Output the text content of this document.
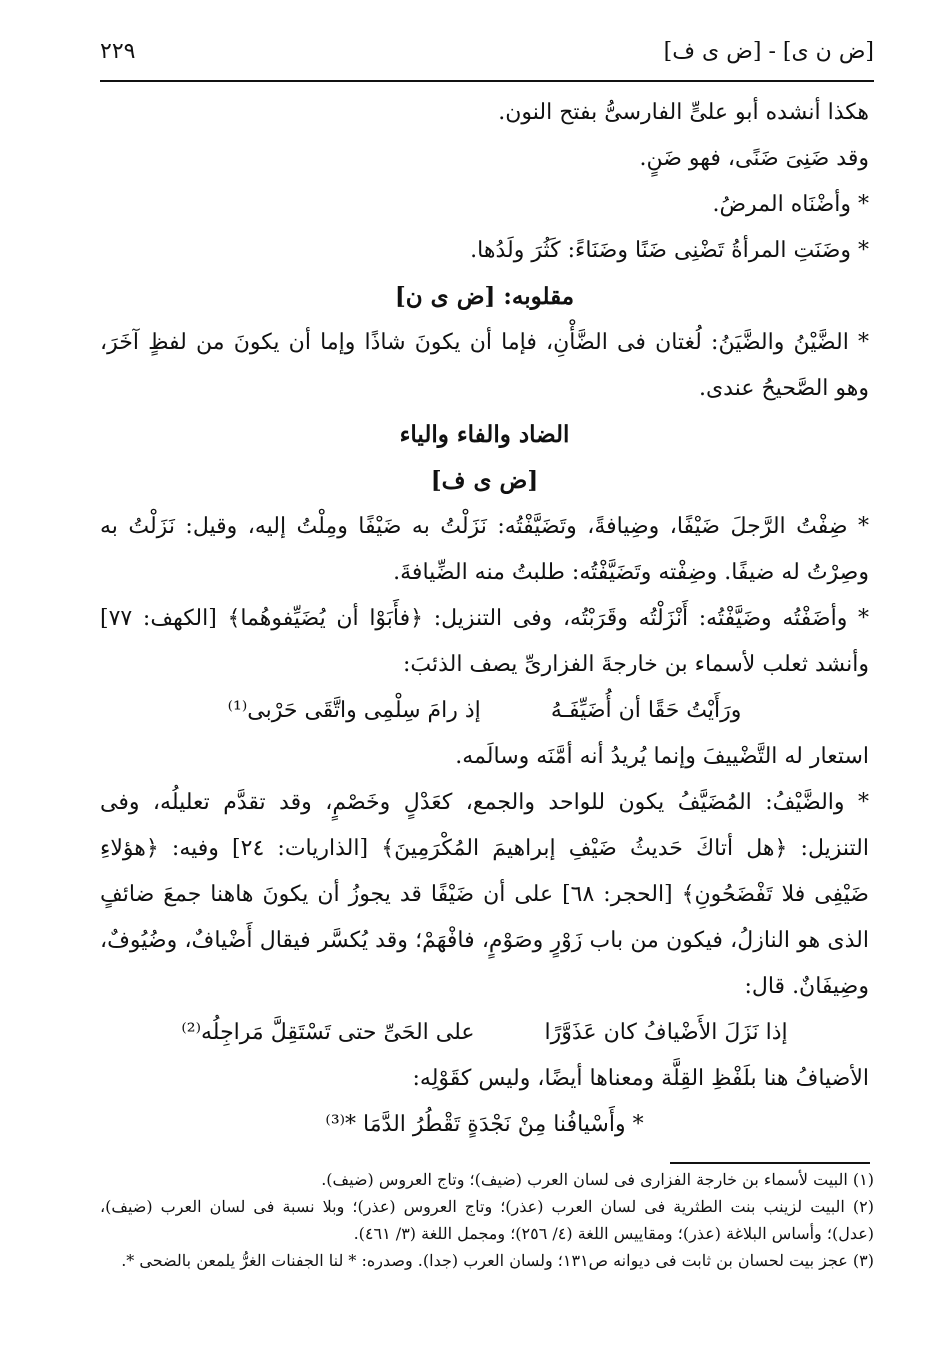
[ض ن ى] - [ض ى ف]
٢٢٩

هكذا أنشده أبو علىٍّ الفارسىُّ بفتح النون.

وقد ضَنِىَ ضَنًى، فهو ضَنٍ.

* وأضْنَاه المرضُ.

* وضَنَتِ المرأةُ تَضْنِى ضَنًا وضَنَاءً: كَثُرَ ولَدُها.

مقلوبه: [ض ى ن]

* الضَّيْنُ والضَّيَنُ: لُغتان فى الضَّأْنِ، فإما أن يكونَ شاذًا وإما أن يكونَ من لفظٍ آخَرَ، وهو الصَّحيحُ عندى.

الضاد والفاء والياء

[ض ى ف]

* ضِفْتُ الرَّجلَ ضَيْفًا، وضِيافةً، وتَضَيَّفْتُه: نَزَلْتُ به ضَيْفًا ومِلْتُ إليه، وقيل: نَزَلْتُ به وصِرْتُ له ضيفًا. وضِفْته وتَضَيَّفْتُه: طلبتُ منه الضِّيافةَ.

* وأضَفْتُه وضَيَّفْتُه: أَنْزَلْتُه وقَرَبْتُه، وفى التنزيل: ﴿فأَبَوْا أن يُضَيِّفوهُما﴾ [الكهف: ٧٧] وأنشد ثعلب لأسماء بن خارجةَ الفزارىِّ يصف الذئبَ:

ورَأَيْتُ حَقًا أن أُضَيِّفَـهُ
إذ رامَ سِلْمِى واتَّقَى حَرْبى⁽¹⁾

استعار له التَّضْييفَ وإنما يُريدُ أنه أمَّنَه وسالَمه.

* والضَّيْفُ: المُضَيَّفُ يكون للواحد والجمع، كعَدْلٍ وخَصْمٍ، وقد تقدَّم تعليلُه، وفى التنزيل: ﴿هل أتاكَ حَديثُ ضَيْفِ إبراهيمَ المُكْرَمِينَ﴾ [الذاريات: ٢٤] وفيه: ﴿هؤلاءِ ضَيْفِى فلا تَفْضَحُونِ﴾ [الحجر: ٦٨] على أن ضَيْفًا قد يجوزُ أن يكونَ هاهنا جمعَ ضائفٍ الذى هو النازلُ، فيكون من باب زَوْرٍ وصَوْمٍ، فافْهَمْ؛ وقد يُكسَّر فيقال أَضْيافٌ، وضُيُوفٌ، وضِيفَانٌ. قال:

إذا نَزَلَ الأَضْيافُ كان عَذَوَّرًا
على الحَىِّ حتى تَسْتَقِلَّ مَراجِلُه⁽²⁾

الأضيافُ هنا بلَفْظِ القِلَّة ومعناها أيضًا، وليس كقَوْلِه:

* وأَسْيافُنا مِنْ نَجْدَةٍ تَقْطُرُ الدَّمَا *⁽³⁾

(١) البيت لأسماء بن خارجة الفزارى فى لسان العرب (ضيف)؛ وتاج العروس (ضيف).

(٢) البيت لزينب بنت الطثرية فى لسان العرب (عذر)؛ وتاج العروس (عذر)؛ وبلا نسبة فى لسان العرب (ضيف)، (عدل)؛ وأساس البلاغة (عذر)؛ ومقاييس اللغة (٤/ ٢٥٦)؛ ومجمل اللغة (٣/ ٤٦١).

(٣) عجز بيت لحسان بن ثابت فى ديوانه ص١٣١؛ ولسان العرب (جدا). وصدره: * لنا الجفنات الغرُّ يلمعن بالضحى *.
